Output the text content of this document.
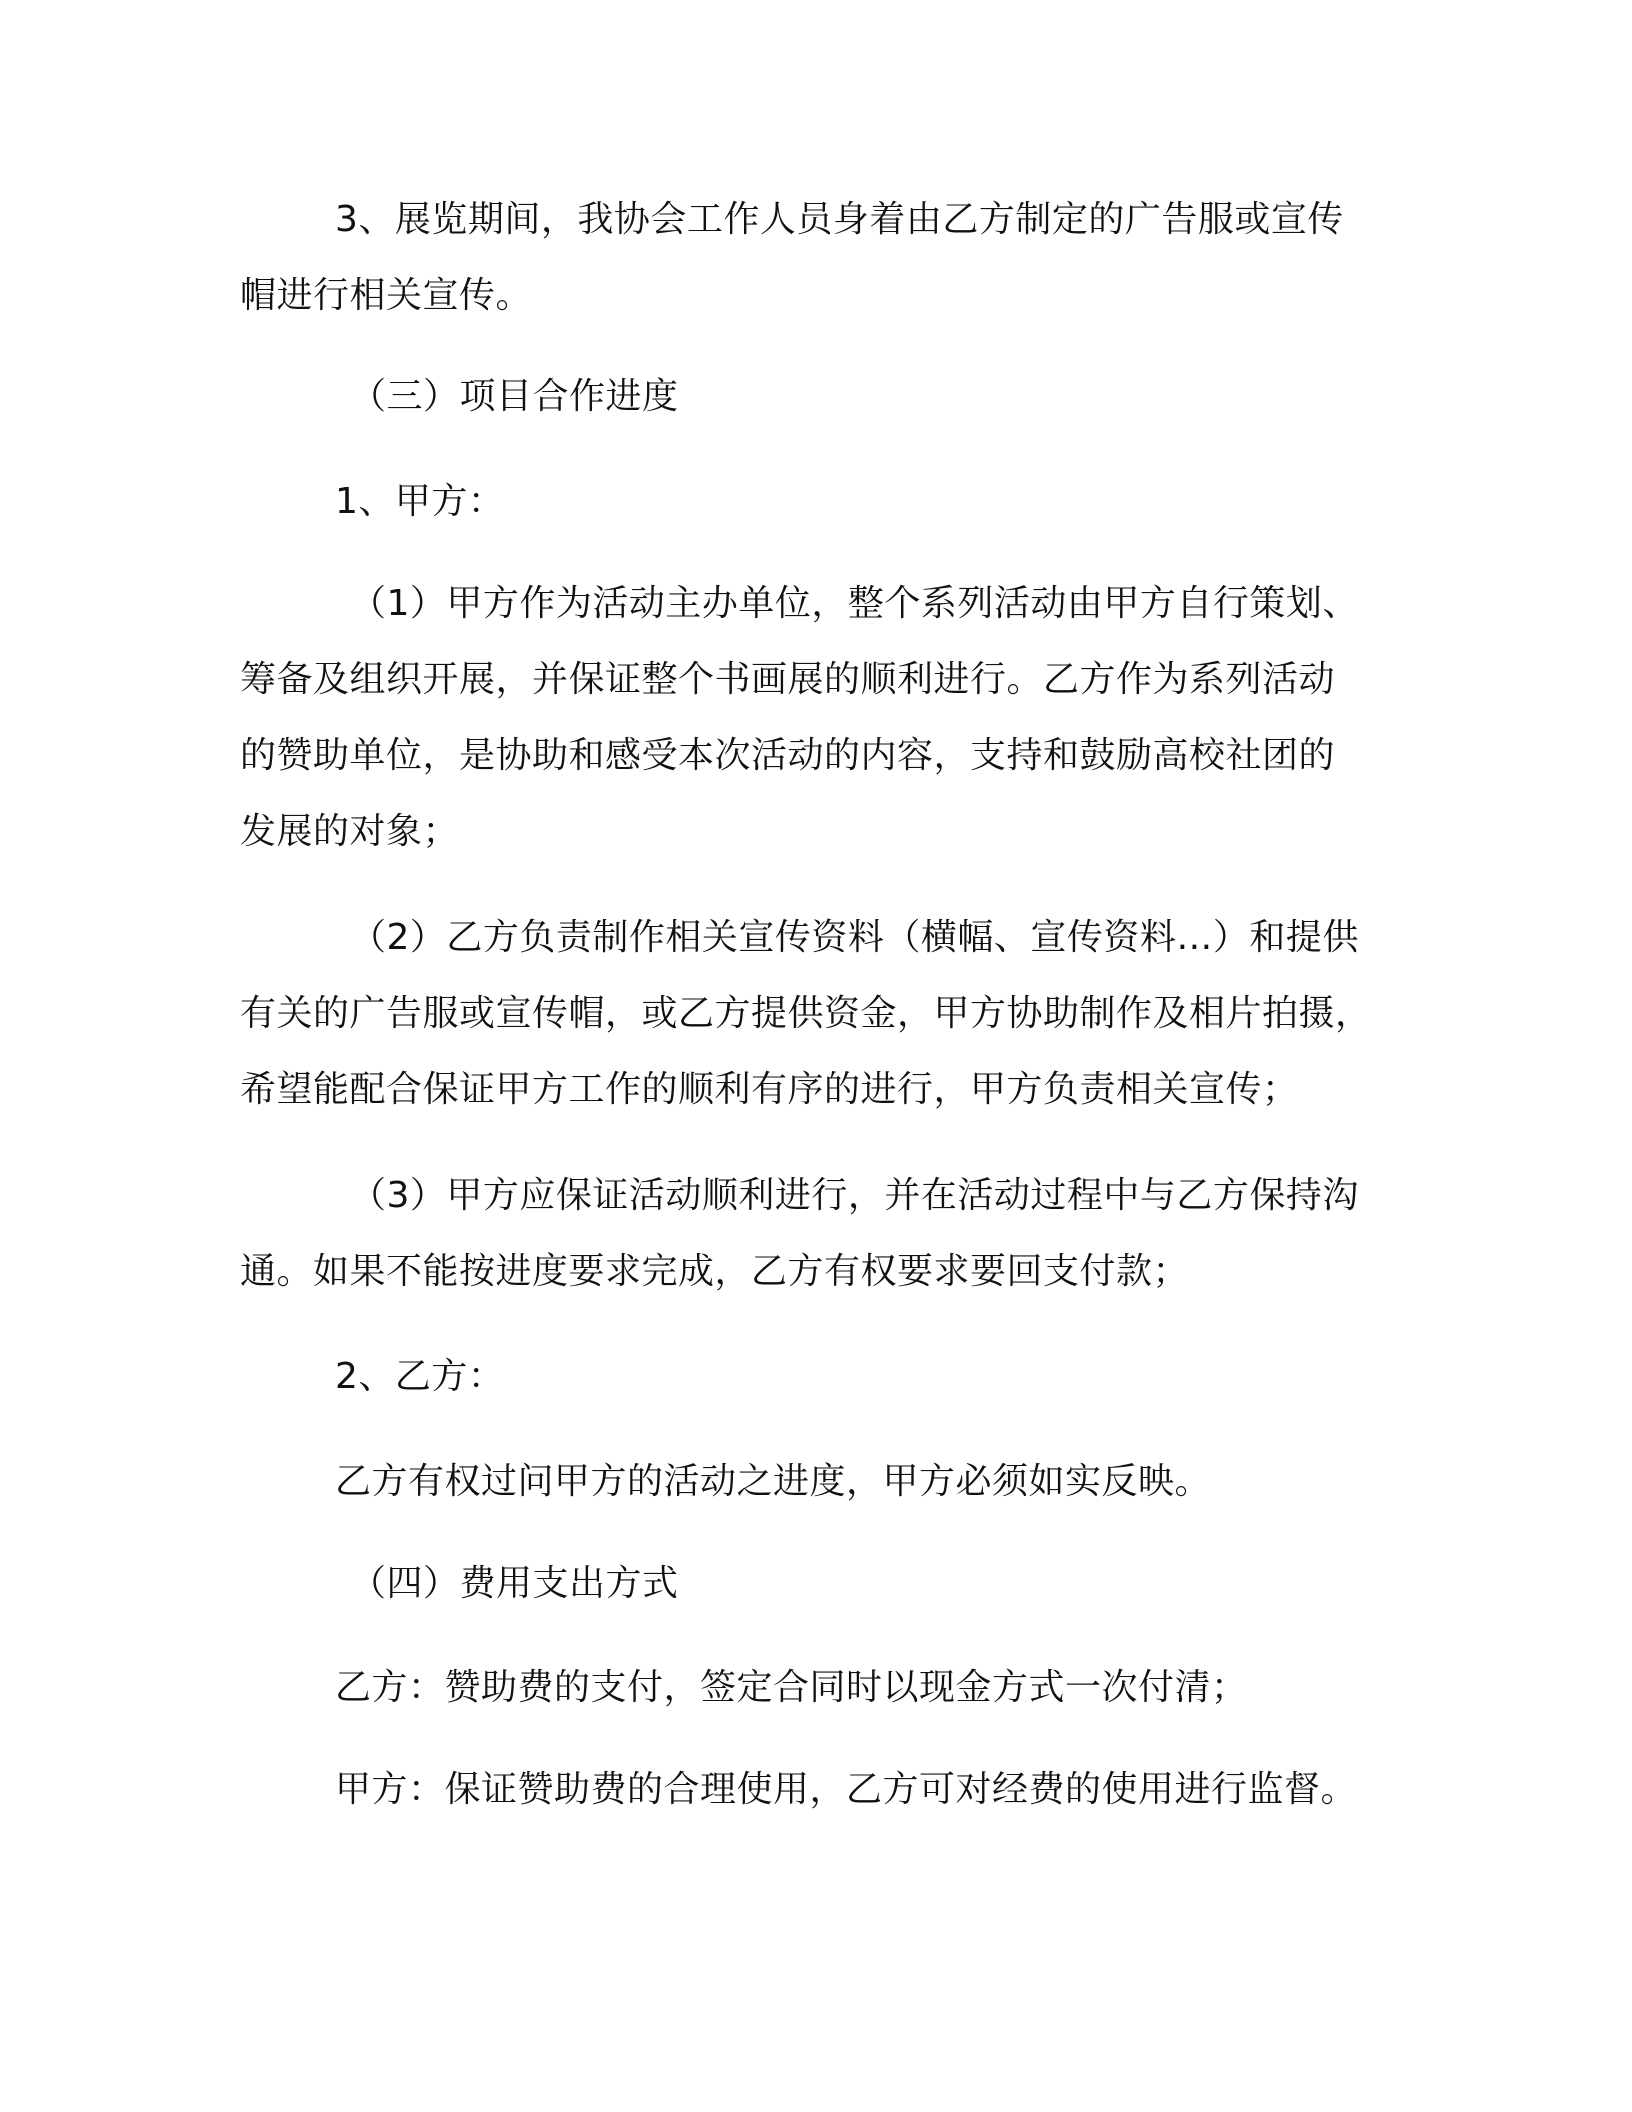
3、展览期间，我协会工作人员身着由乙方制定的广告服或宣传
帽进行相关宣传。
（三）项目合作进度
1、甲方：
（1）甲方作为活动主办单位，整个系列活动由甲方自行策划、
筹备及组织开展，并保证整个书画展的顺利进行。乙方作为系列活动
的赞助单位，是协助和感受本次活动的内容，支持和鼓励高校社团的
发展的对象；
（2）乙方负责制作相关宣传资料（横幅、宣传资料…）和提供
有关的广告服或宣传帽，或乙方提供资金，甲方协助制作及相片拍摄，
希望能配合保证甲方工作的顺利有序的进行，甲方负责相关宣传；
（3）甲方应保证活动顺利进行，并在活动过程中与乙方保持沟
通。如果不能按进度要求完成，乙方有权要求要回支付款；
2、乙方：
乙方有权过问甲方的活动之进度，甲方必须如实反映。
（四）费用支出方式
乙方：赞助费的支付，签定合同时以现金方式一次付清；
甲方：保证赞助费的合理使用，乙方可对经费的使用进行监督。
